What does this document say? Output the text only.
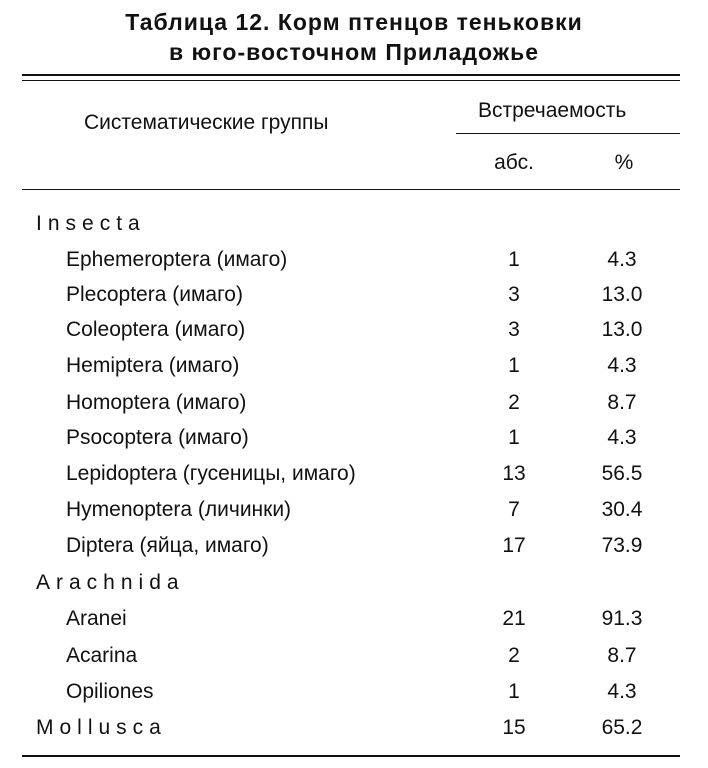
Таблица 12. Корм птенцов теньковки
в юго-восточном Приладожье
Систематические группы
Встречаемость
абс.	%
Insecta
Ephemeroptera (имаго)	1	4.3
Plecoptera (имаго)	3	13.0
Coleoptera (имаго)	3	13.0
Hemiptera (имаго)	1	4.3
Homoptera (имаго)	2	8.7
Psocoptera (имаго)	1	4.3
Lepidoptera (гусеницы, имаго)	13	56.5
Hymenoptera (личинки)	7	30.4
Diptera (яйца, имаго)	17	73.9
Arachnida
Aranei	21	91.3
Acarina	2	8.7
Opiliones	1	4.3
Mollusca	15	65.2
